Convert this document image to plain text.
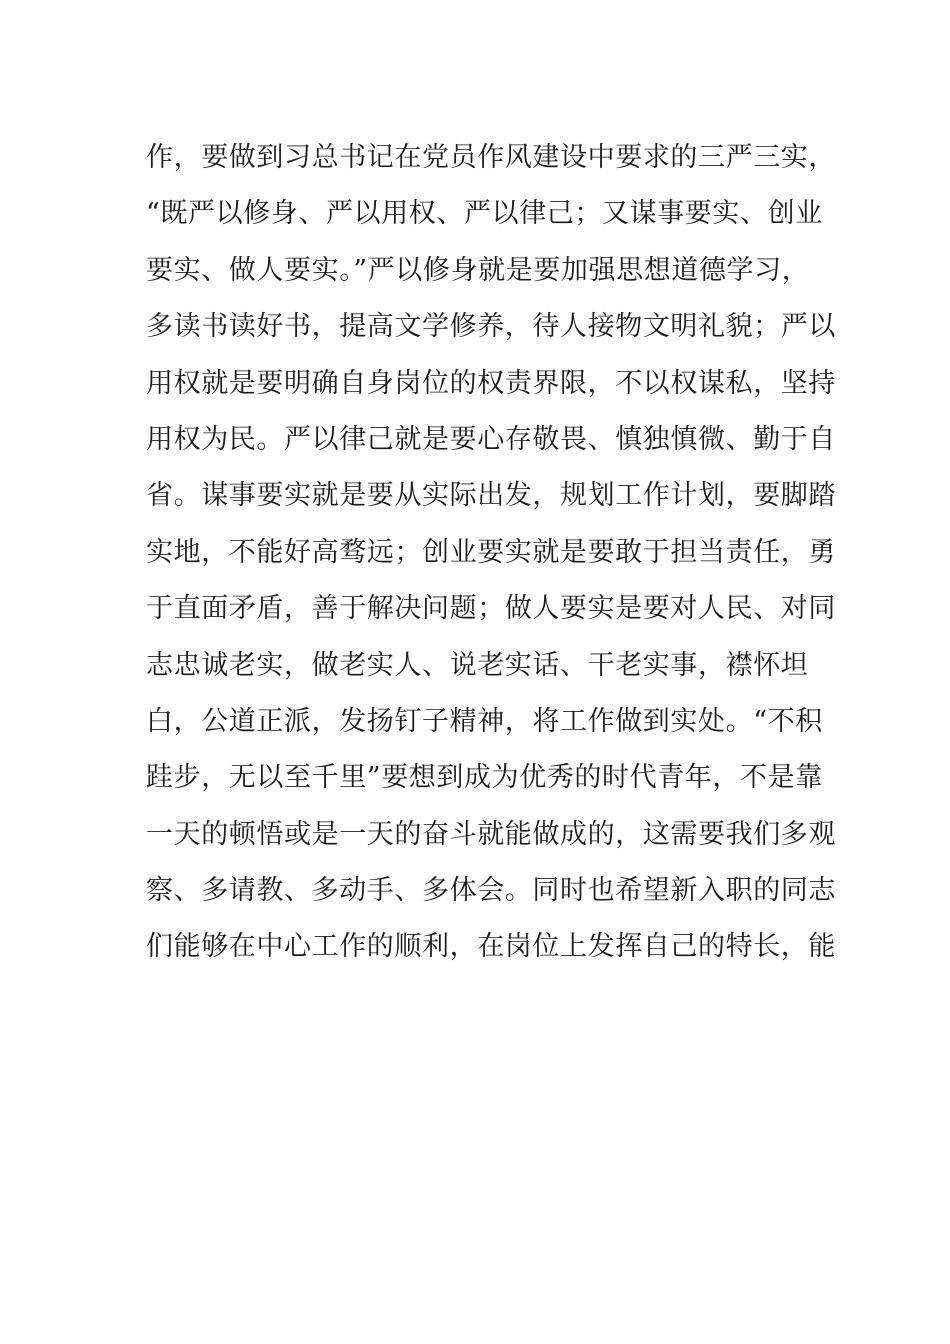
作，要做到习总书记在党员作风建设中要求的三严三实，
“既严以修身、严以用权、严以律己；又谋事要实、创业
要实、做人要实。”严以修身就是要加强思想道德学习，
多读书读好书，提高文学修养，待人接物文明礼貌；严以
用权就是要明确自身岗位的权责界限，不以权谋私，坚持
用权为民。严以律己就是要心存敬畏、慎独慎微、勤于自
省。谋事要实就是要从实际出发，规划工作计划，要脚踏
实地，不能好高骛远；创业要实就是要敢于担当责任，勇
于直面矛盾，善于解决问题；做人要实是要对人民、对同
志忠诚老实，做老实人、说老实话、干老实事，襟怀坦
白，公道正派，发扬钉子精神，将工作做到实处。“不积
跬步，无以至千里”要想到成为优秀的时代青年，不是靠
一天的顿悟或是一天的奋斗就能做成的，这需要我们多观
察、多请教、多动手、多体会。同时也希望新入职的同志
们能够在中心工作的顺利，在岗位上发挥自己的特长，能
